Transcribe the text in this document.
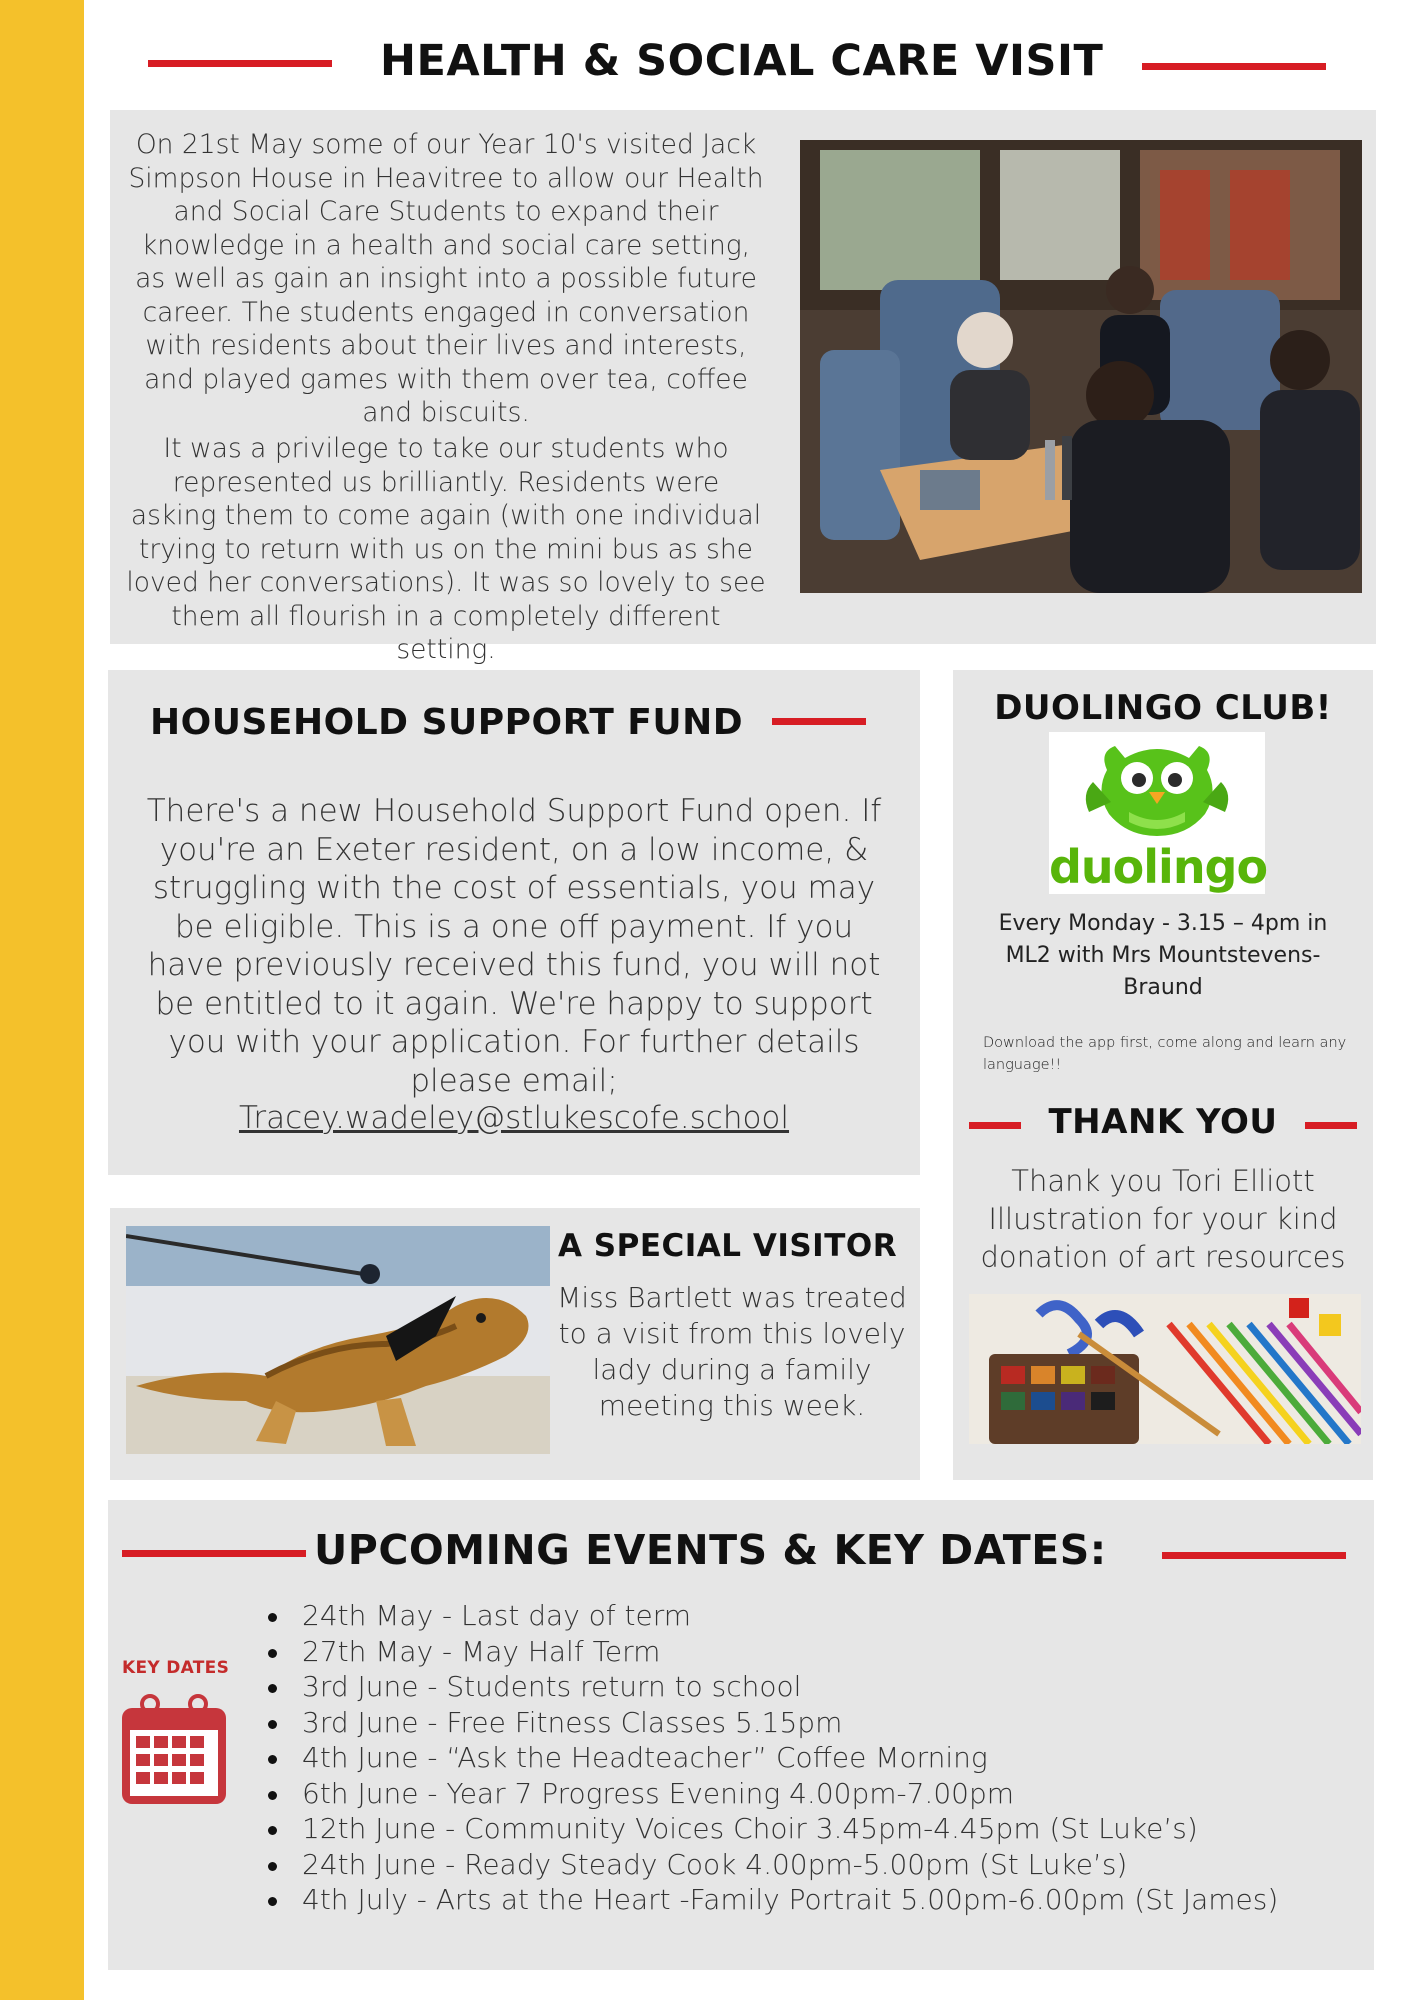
HEALTH & SOCIAL CARE VISIT

On 21st May some of our Year 10's visited Jack Simpson House in Heavitree to allow our Health and Social Care Students to expand their knowledge in a health and social care setting, as well as gain an insight into a possible future career. The students engaged in conversation with residents about their lives and interests, and played games with them over tea, coffee and biscuits.

It was a privilege to take our students who represented us brilliantly. Residents were asking them to come again (with one individual trying to return with us on the mini bus as she loved her conversations). It was so lovely to see them all flourish in a completely different setting.

HOUSEHOLD SUPPORT FUND

There's a new Household Support Fund open. If you're an Exeter resident, on a low income, & struggling with the cost of essentials, you may be eligible. This is a one off payment. If you have previously received this fund, you will not be entitled to it again. We're happy to support you with your application. For further details please email;

Tracey.wadeley@stlukescofe.school

DUOLINGO CLUB!
duolingo

Every Monday - 3.15 – 4pm in ML2 with Mrs Mountstevens-Braund

Download the app first, come along and learn any language!!

THANK YOU

Thank you Tori Elliott Illustration for your kind donation of art resources

A SPECIAL VISITOR

Miss Bartlett was treated to a visit from this lovely lady during a family meeting this week.

UPCOMING EVENTS & KEY DATES:
KEY DATES
24th May - Last day of term
27th May - May Half Term
3rd June - Students return to school
3rd June - Free Fitness Classes 5.15pm
4th June - “Ask the Headteacher” Coffee Morning
6th June - Year 7 Progress Evening 4.00pm-7.00pm
12th June - Community Voices Choir 3.45pm-4.45pm (St Luke’s)
24th June - Ready Steady Cook 4.00pm-5.00pm (St Luke’s)
4th July - Arts at the Heart -Family Portrait 5.00pm-6.00pm (St James)
